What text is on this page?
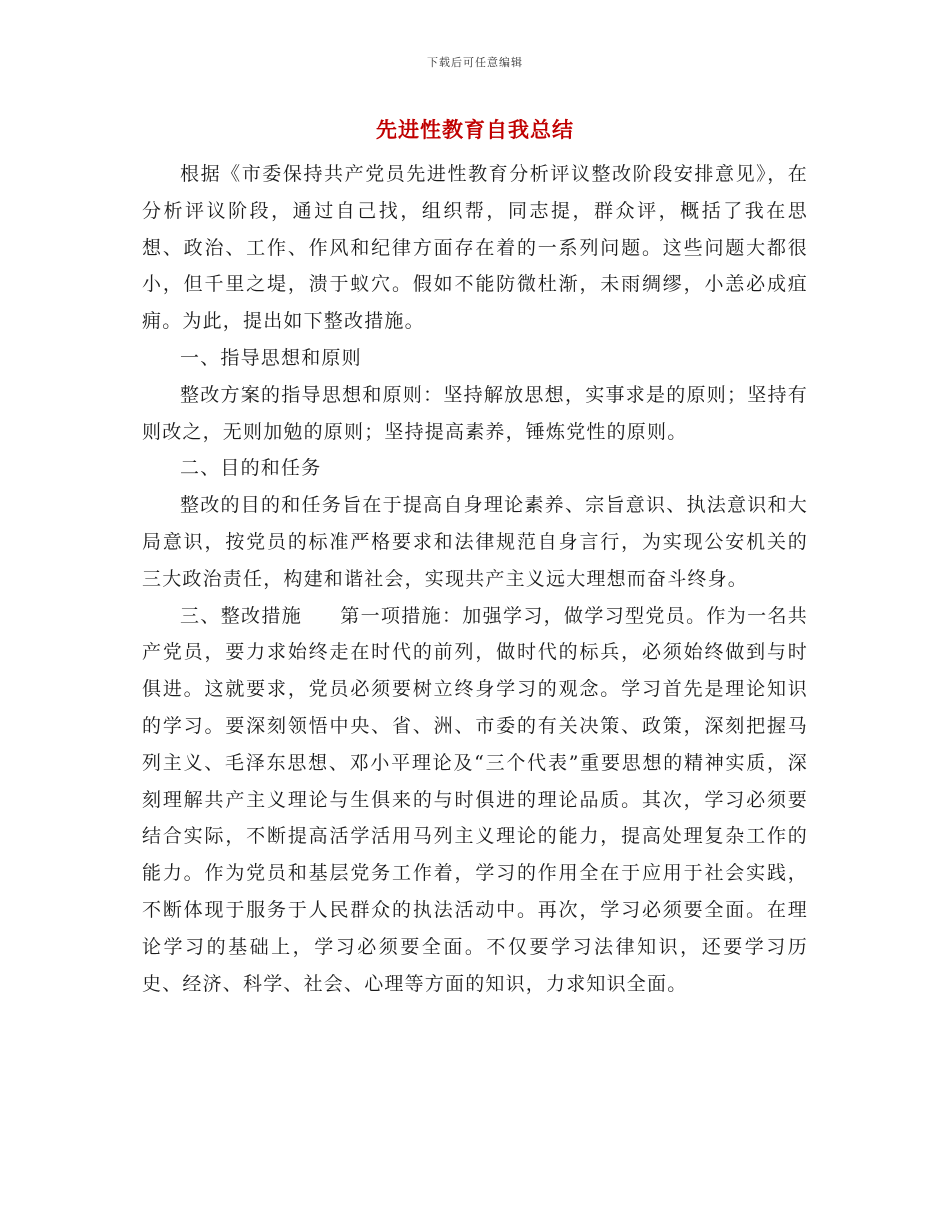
下载后可任意编辑
先进性教育自我总结

根据《市委保持共产党员先进性教育分析评议整改阶段安排意见》，在分析评议阶段，通过自己找，组织帮，同志提，群众评，概括了我在思想、政治、工作、作风和纪律方面存在着的一系列问题。这些问题大都很小，但千里之堤，溃于蚁穴。假如不能防微杜渐，未雨绸缪，小恙必成疽痈。为此，提出如下整改措施。

一、指导思想和原则

整改方案的指导思想和原则：坚持解放思想，实事求是的原则；坚持有则改之，无则加勉的原则；坚持提高素养，锤炼党性的原则。

二、目的和任务

整改的目的和任务旨在于提高自身理论素养、宗旨意识、执法意识和大局意识，按党员的标准严格要求和法律规范自身言行，为实现公安机关的三大政治责任，构建和谐社会，实现共产主义远大理想而奋斗终身。

三、整改措施 第一项措施：加强学习，做学习型党员。作为一名共产党员，要力求始终走在时代的前列，做时代的标兵，必须始终做到与时俱进。这就要求，党员必须要树立终身学习的观念。学习首先是理论知识的学习。要深刻领悟中央、省、洲、市委的有关决策、政策，深刻把握马列主义、毛泽东思想、邓小平理论及“三个代表”重要思想的精神实质，深刻理解共产主义理论与生俱来的与时俱进的理论品质。其次，学习必须要结合实际，不断提高活学活用马列主义理论的能力，提高处理复杂工作的能力。作为党员和基层党务工作着，学习的作用全在于应用于社会实践，不断体现于服务于人民群众的执法活动中。再次，学习必须要全面。在理论学习的基础上，学习必须要全面。不仅要学习法律知识，还要学习历史、经济、科学、社会、心理等方面的知识，力求知识全面。
